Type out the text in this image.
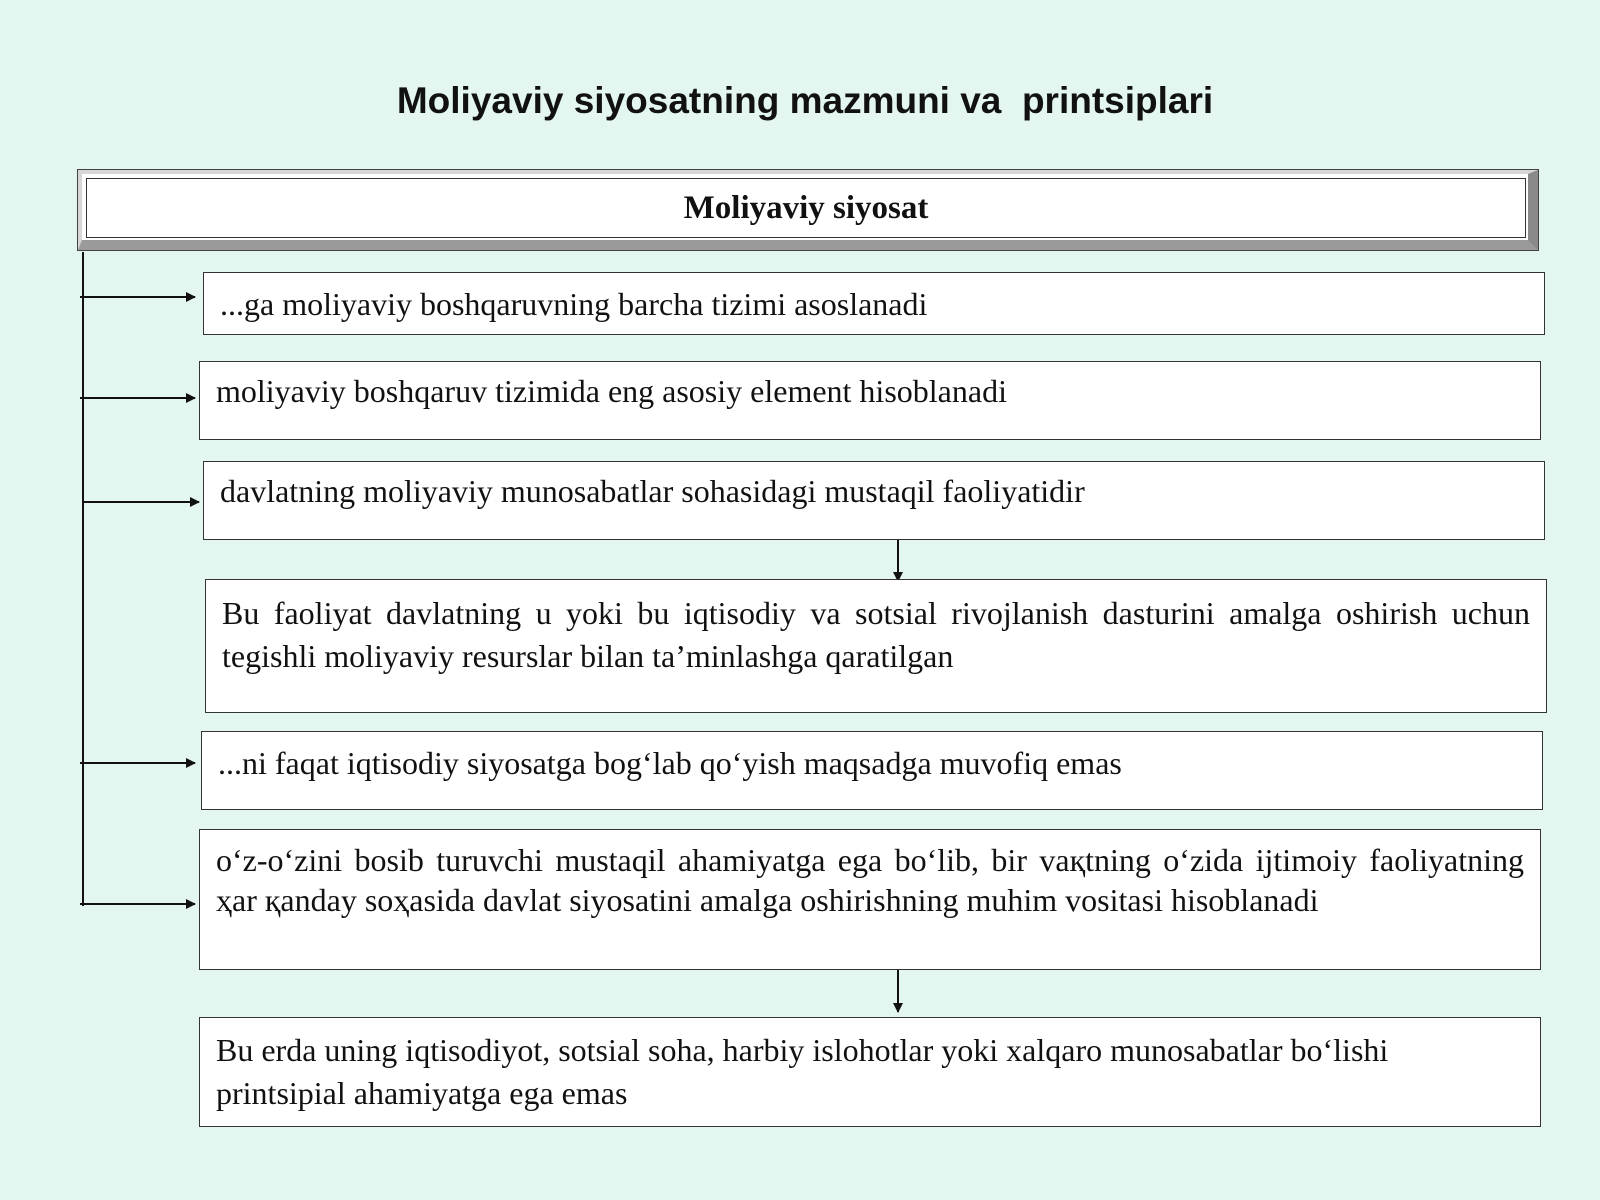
Moliyaviy siyosatning mazmuni va  printsiplari
Moliyaviy siyosat
...ga moliyaviy boshqaruvning barcha tizimi asoslanadi
moliyaviy boshqaruv tizimida eng asosiy element hisoblanadi
davlatning moliyaviy munosabatlar sohasidagi mustaqil faoliyatidir
Bu faoliyat davlatning u yoki bu iqtisodiy va sotsial rivojlanish dasturini amalga oshirish uchun tegishli moliyaviy resurslar bilan ta’minlashga qaratilgan
...ni faqat iqtisodiy siyosatga bog‘lab qo‘yish maqsadga muvofiq emas
o‘z-o‘zini bosib turuvchi mustaqil ahamiyatga ega bo‘lib, bir vaқtning o‘zida ijtimoiy faoliyatning ҳar қanday soҳasida davlat siyosatini amalga oshirishning muhim vositasi hisoblanadi
Bu erda uning iqtisodiyot, sotsial soha, harbiy islohotlar yoki xalqaro munosabatlar bo‘lishi printsipial ahamiyatga ega emas
